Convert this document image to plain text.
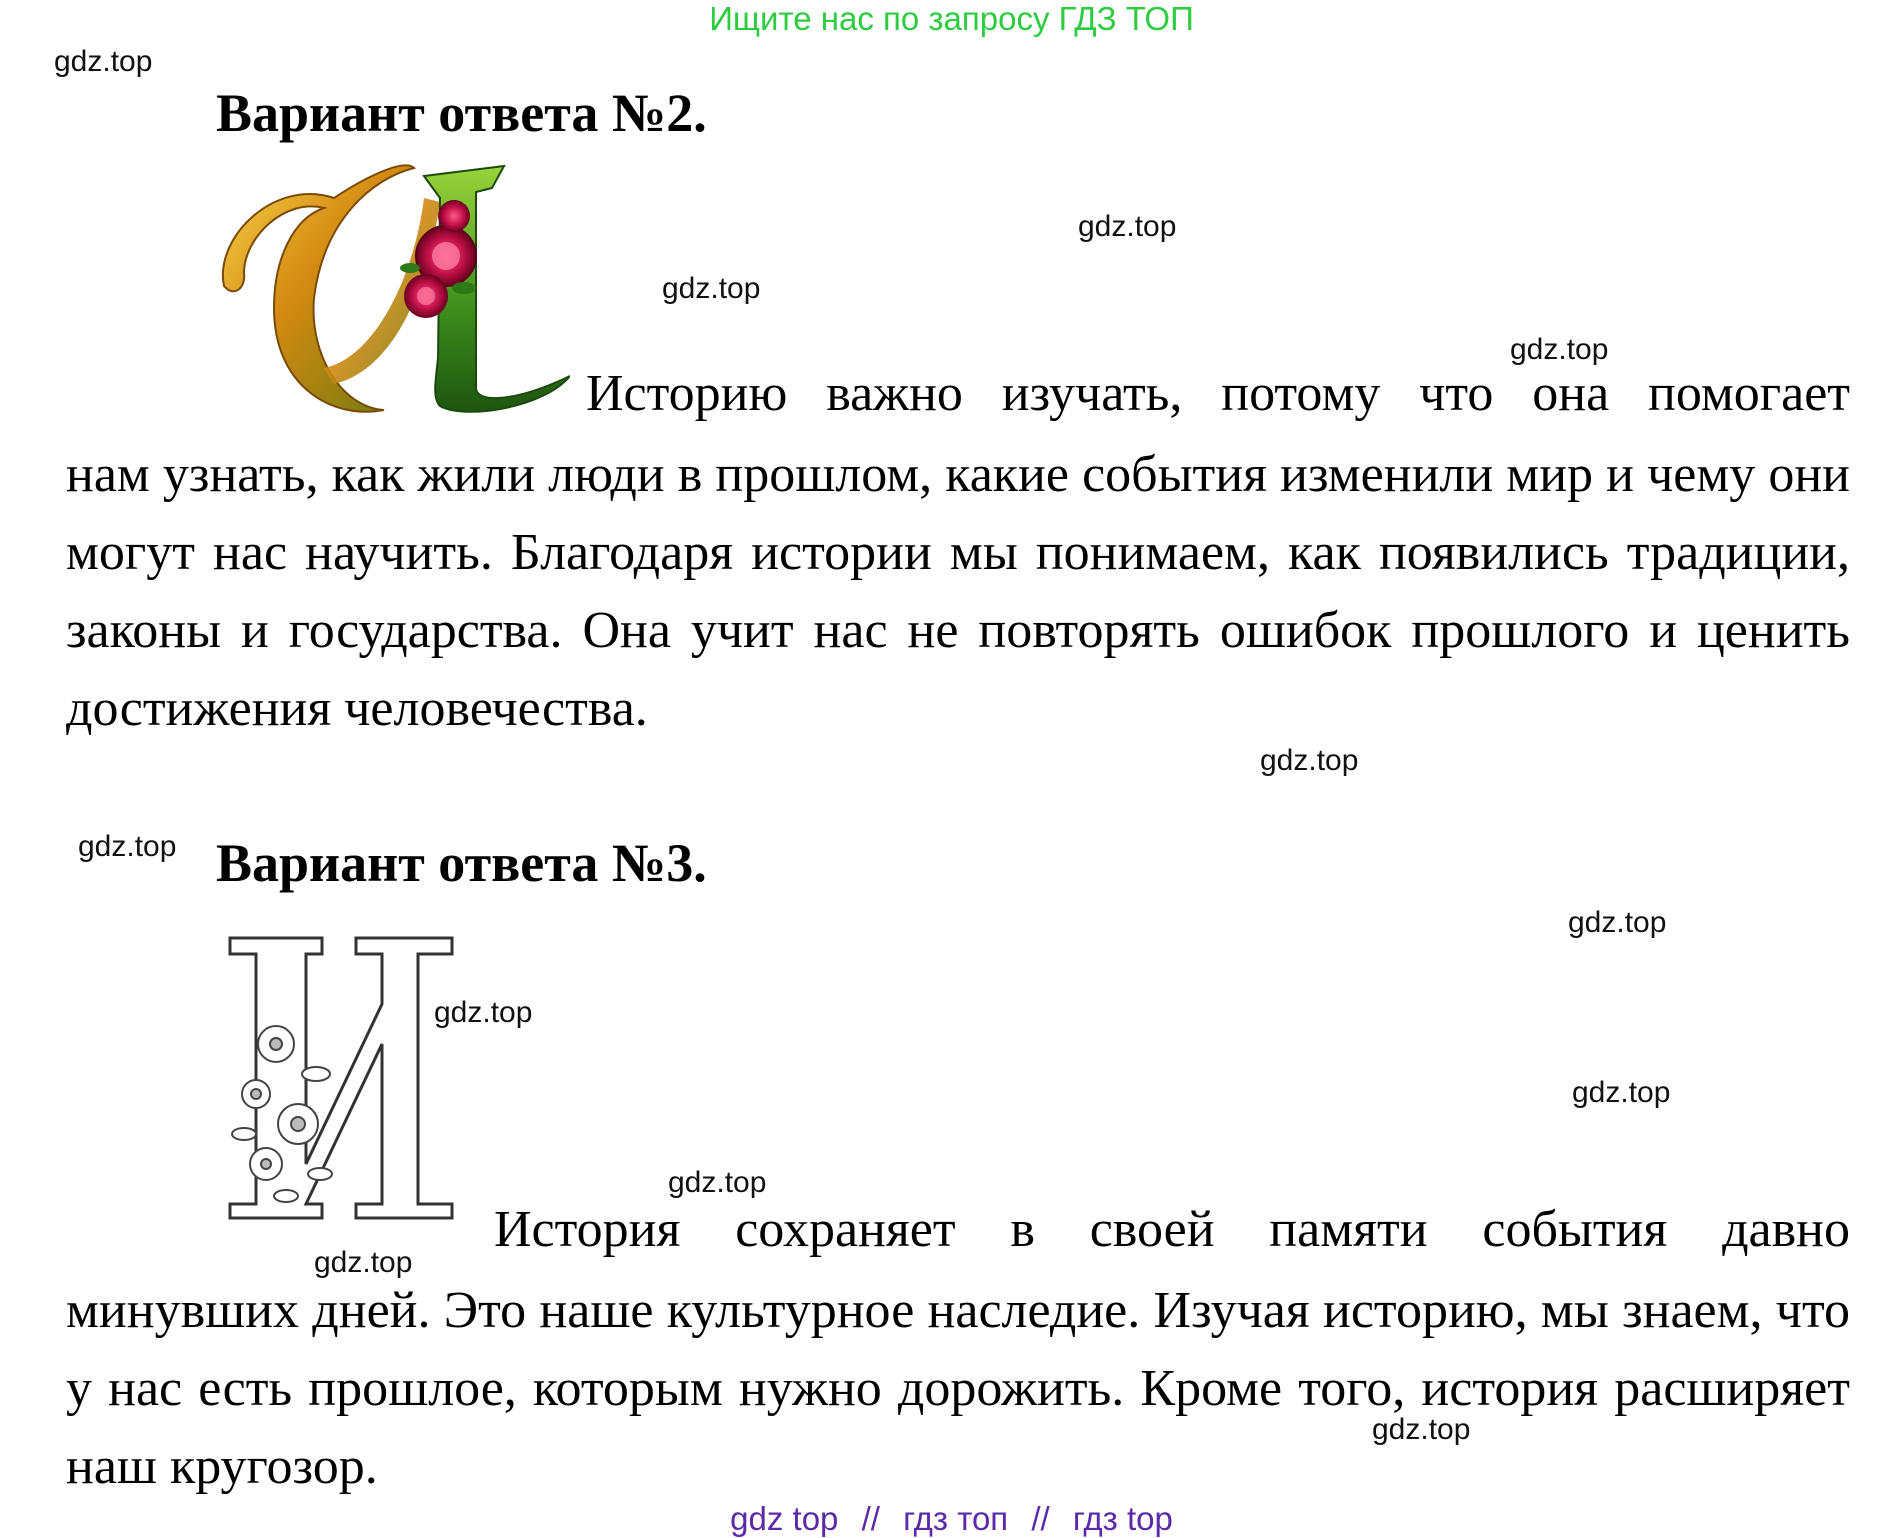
Ищите нас по запросу ГДЗ ТОП
gdz.top
gdz.top
gdz.top
gdz.top
gdz.top
gdz.top
gdz.top
gdz.top
gdz.top
gdz.top
gdz.top
gdz.top
Вариант ответа №2.
Историю важно изучать, потому что она помогает
нам узнать, как жили люди в прошлом, какие события изменили мир и чему они могут нас научить. Благодаря истории мы понимаем, как появились традиции, законы и государства. Она учит нас не повторять ошибок прошлого и ценить достижения человечества.
Вариант ответа №3.
История сохраняет в своей памяти события давно
минувших дней. Это наше культурное наследие. Изучая историю, мы знаем, что у нас есть прошлое, которым нужно дорожить. Кроме того, история расширяет наш кругозор.
gdz top // гдз топ // гдз top
